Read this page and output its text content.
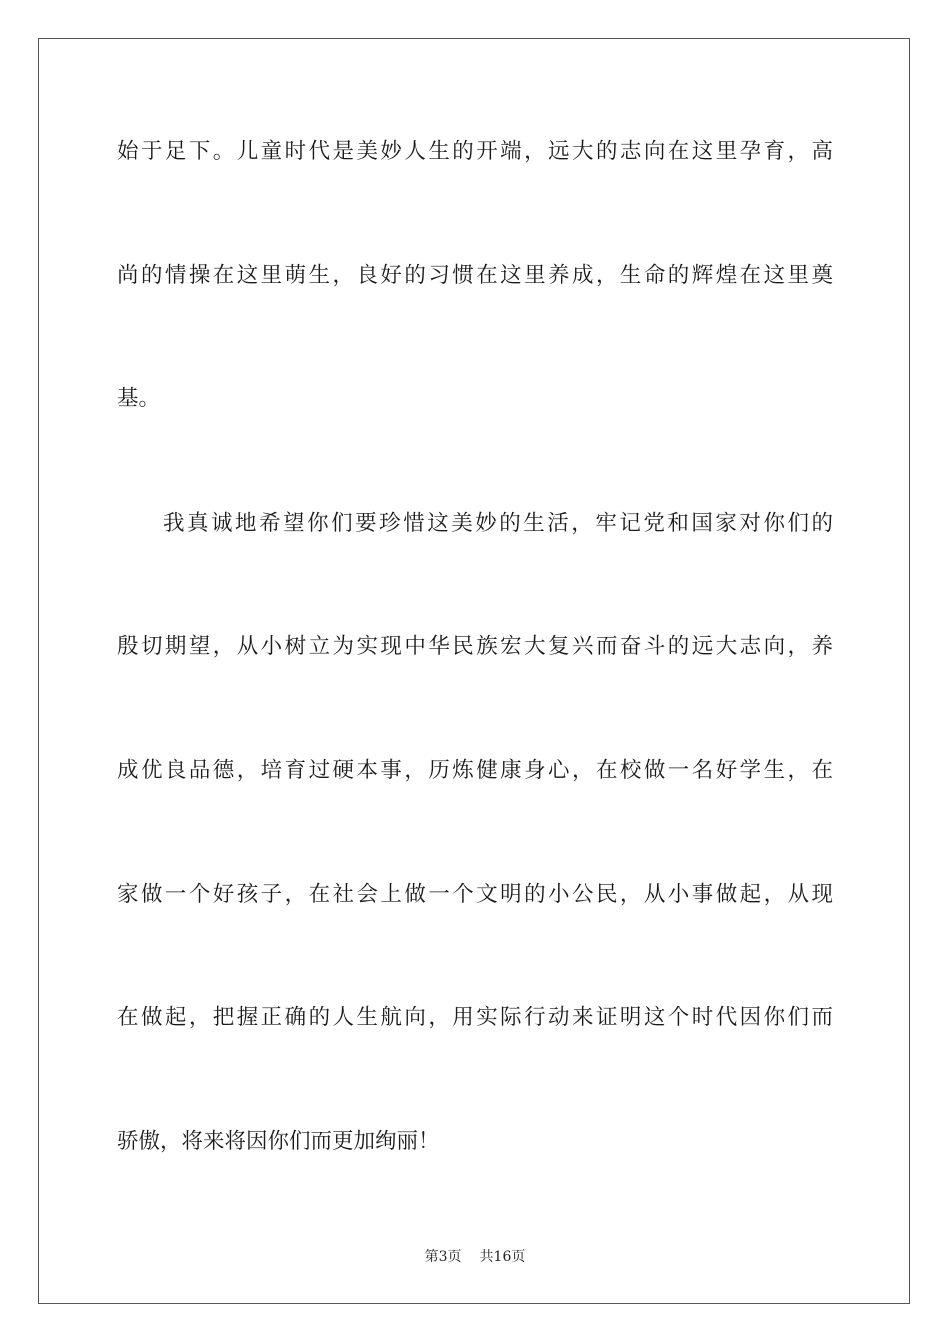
始于足下。儿童时代是美妙人生的开端，远大的志向在这里孕育，高
尚的情操在这里萌生，良好的习惯在这里养成，生命的辉煌在这里奠
基。
我真诚地希望你们要珍惜这美妙的生活，牢记党和国家对你们的
殷切期望，从小树立为实现中华民族宏大复兴而奋斗的远大志向，养
成优良品德，培育过硬本事，历炼健康身心，在校做一名好学生，在
家做一个好孩子，在社会上做一个文明的小公民，从小事做起，从现
在做起，把握正确的人生航向，用实际行动来证明这个时代因你们而
骄傲，将来将因你们而更加绚丽！
第3页 共16页
